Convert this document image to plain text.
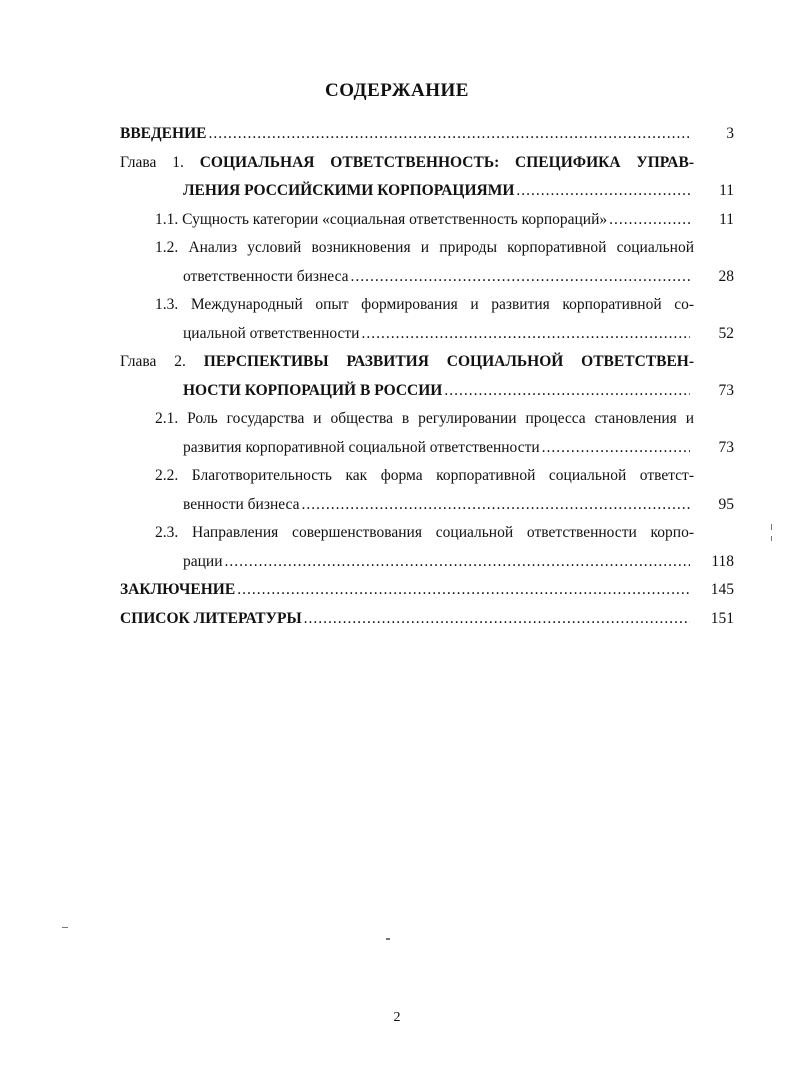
СОДЕРЖАНИЕ
ВВЕДЕНИЕ .....	3
Глава 1. СОЦИАЛЬНАЯ ОТВЕТСТВЕННОСТЬ: СПЕЦИФИКА УПРАВ-
ЛЕНИЯ РОССИЙСКИМИ КОРПОРАЦИЯМИ .....	11
1.1. Сущность категории «социальная ответственность корпораций» .....	11
1.2. Анализ условий возникновения и природы корпоративной социальной
ответственности бизнеса .....	28
1.3. Международный опыт формирования и развития корпоративной со-
циальной ответственности .....	52
Глава 2. ПЕРСПЕКТИВЫ РАЗВИТИЯ СОЦИАЛЬНОЙ ОТВЕТСТВЕН-
НОСТИ КОРПОРАЦИЙ В РОССИИ .....	73
2.1. Роль государства и общества в регулировании процесса становления и
развития корпоративной социальной ответственности .....	73
2.2. Благотворительность как форма корпоративной социальной ответст-
венности бизнеса .....	95
2.3. Направления совершенствования социальной ответственности корпо-
рации .....	118
ЗАКЛЮЧЕНИЕ .....	145
СПИСОК ЛИТЕРАТУРЫ .....	151
2
